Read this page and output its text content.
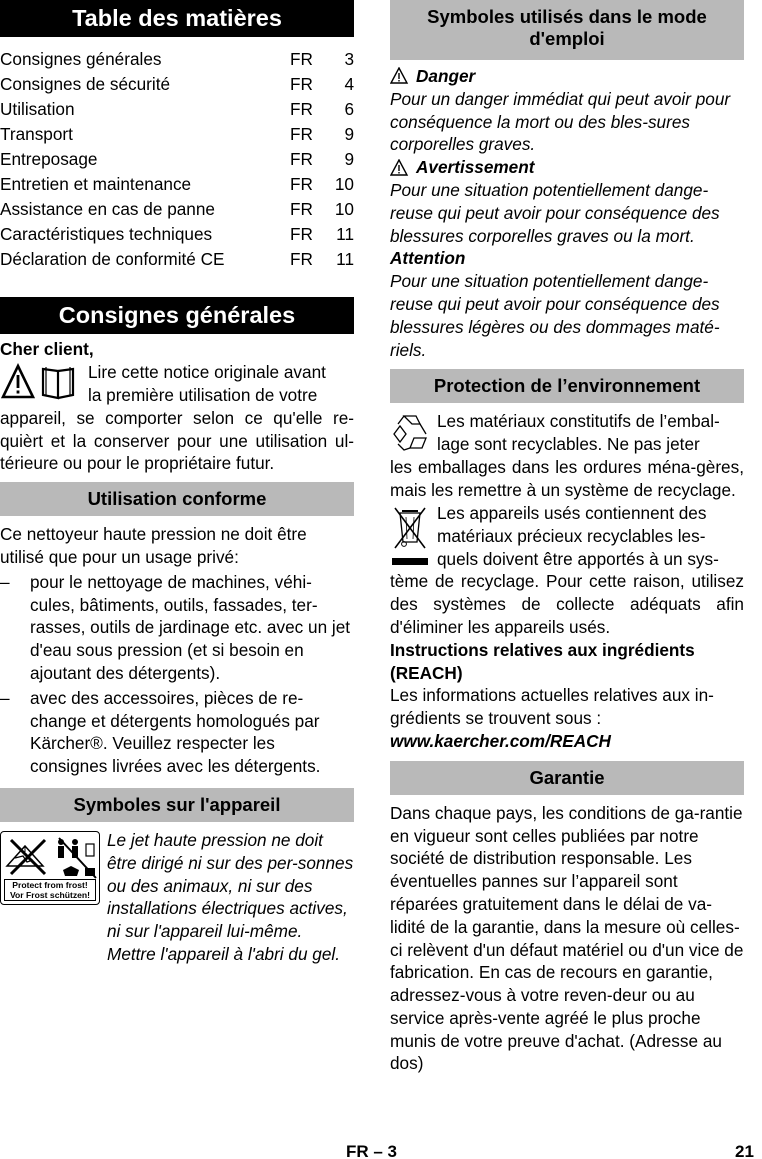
Table des matières
Consignes générales	FR	3
Consignes de sécurité	FR	4
Utilisation	FR	6
Transport	FR	9
Entreposage	FR	9
Entretien et maintenance	FR	10
Assistance en cas de panne	FR	10
Caractéristiques techniques	FR	11
Déclaration de conformité CE	FR	11
Consignes générales
Cher client,
Lire cette notice originale avant
la première utilisation de votre
appareil, se comporter selon ce qu'elle re-quièrt et la conserver pour une utilisation ul-térieure ou pour le propriétaire futur.
Utilisation conforme
Ce nettoyeur haute pression ne doit être utilisé que pour un usage privé:
–	pour le nettoyage de machines, véhi-cules, bâtiments, outils, fassades, ter-rasses, outils de jardinage etc. avec un jet d'eau sous pression (et si besoin en ajoutant des détergents).
–	avec des accessoires, pièces de re-change et détergents homologués par Kärcher®. Veuillez respecter les consignes livrées avec les détergents.
Symboles sur l'appareil
Protect from frost!
Vor Frost schützen!
Le jet haute pression ne doit être dirigé ni sur des per-sonnes ou des animaux, ni sur des installations électriques actives, ni sur l'appareil lui-même. Mettre l'appareil à l'abri du gel.
Symboles utilisés dans le mode d'emploi
Danger
Pour un danger immédiat qui peut avoir pour conséquence la mort ou des bles-sures corporelles graves.
Avertissement
Pour une situation potentiellement dange-reuse qui peut avoir pour conséquence des blessures corporelles graves ou la mort.
Attention
Pour une situation potentiellement dange-reuse qui peut avoir pour conséquence des blessures légères ou des dommages maté-riels.
Protection de l’environnement
Les matériaux constitutifs de l’embal-
lage sont recyclables. Ne pas jeter
les emballages dans les ordures ména-gères, mais les remettre à un système de recyclage.
Les appareils usés contiennent des
matériaux précieux recyclables les-
quels doivent être apportés à un sys-
tème de recyclage. Pour cette raison, utilisez des systèmes de collecte adéquats afin d'éliminer les appareils usés.
Instructions relatives aux ingrédients (REACH)
Les informations actuelles relatives aux in-grédients se trouvent sous :
www.kaercher.com/REACH
Garantie
Dans chaque pays, les conditions de ga-rantie en vigueur sont celles publiées par notre société de distribution responsable. Les éventuelles pannes sur l’appareil sont réparées gratuitement dans le délai de va-lidité de la garantie, dans la mesure où celles-ci relèvent d'un défaut matériel ou d'un vice de fabrication. En cas de recours en garantie, adressez-vous à votre reven-deur ou au service après-vente agréé le plus proche munis de votre preuve d'achat. (Adresse au dos)
FR – 3	21
